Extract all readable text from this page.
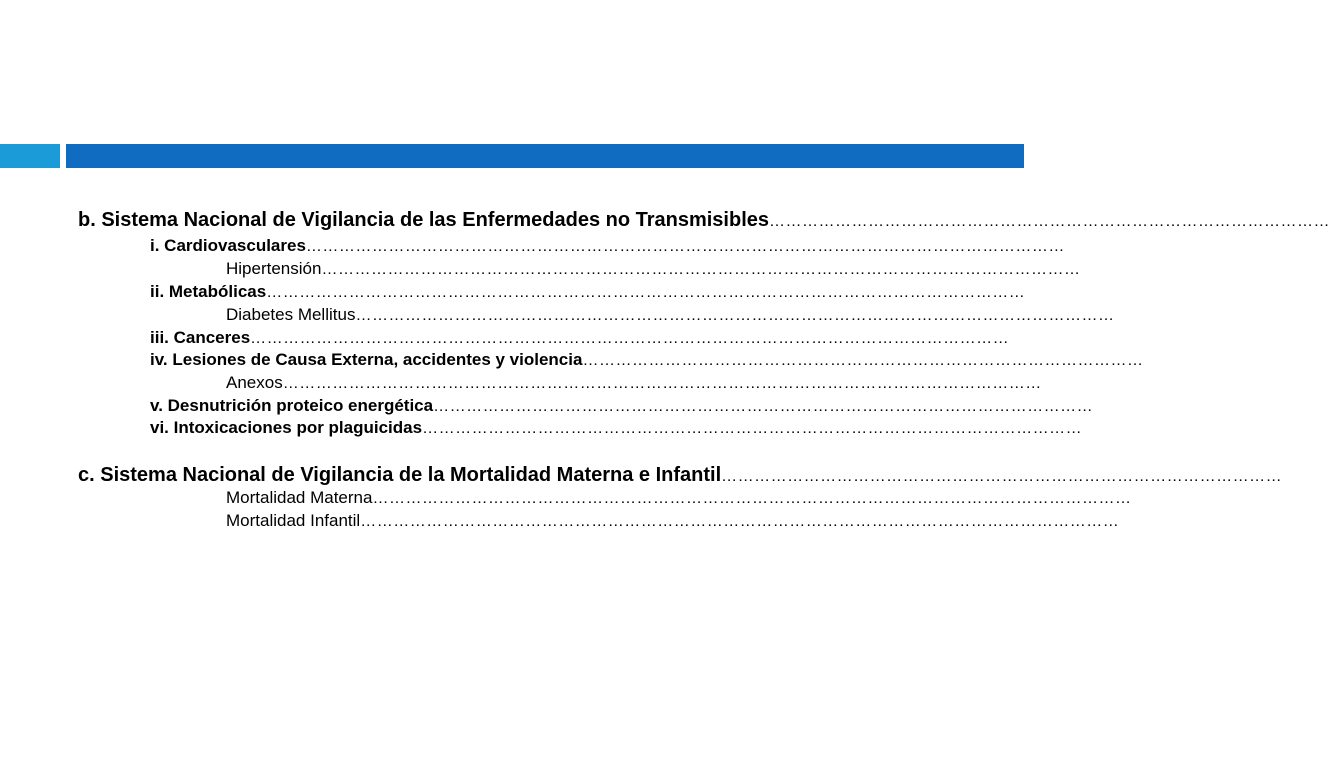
b. Sistema Nacional de Vigilancia de las Enfermedades no Transmisibles …………………………………………………………………………………………
i. Cardiovasculares …………………………………………………………………………………………………………………………
Hipertensión …………………………………………………………………………………………………………………………
ii. Metabólicas …………………………………………………………………………………………………………………………
Diabetes Mellitus …………………………………………………………………………………………………………………………
iii. Canceres …………………………………………………………………………………………………………………………
iv. Lesiones de Causa Externa, accidentes y violencia …………………………………………………………………………………………
Anexos …………………………………………………………………………………………………………………………
v. Desnutrición proteico energética …………………………………………………………………………………………………………
vi. Intoxicaciones por plaguicidas …………………………………………………………………………………………………………
c. Sistema Nacional de Vigilancia de la Mortalidad Materna e Infantil …………………………………………………………………………………………
Mortalidad Materna …………………………………………………………………………………………………………………………
Mortalidad Infantil …………………………………………………………………………………………………………………………
